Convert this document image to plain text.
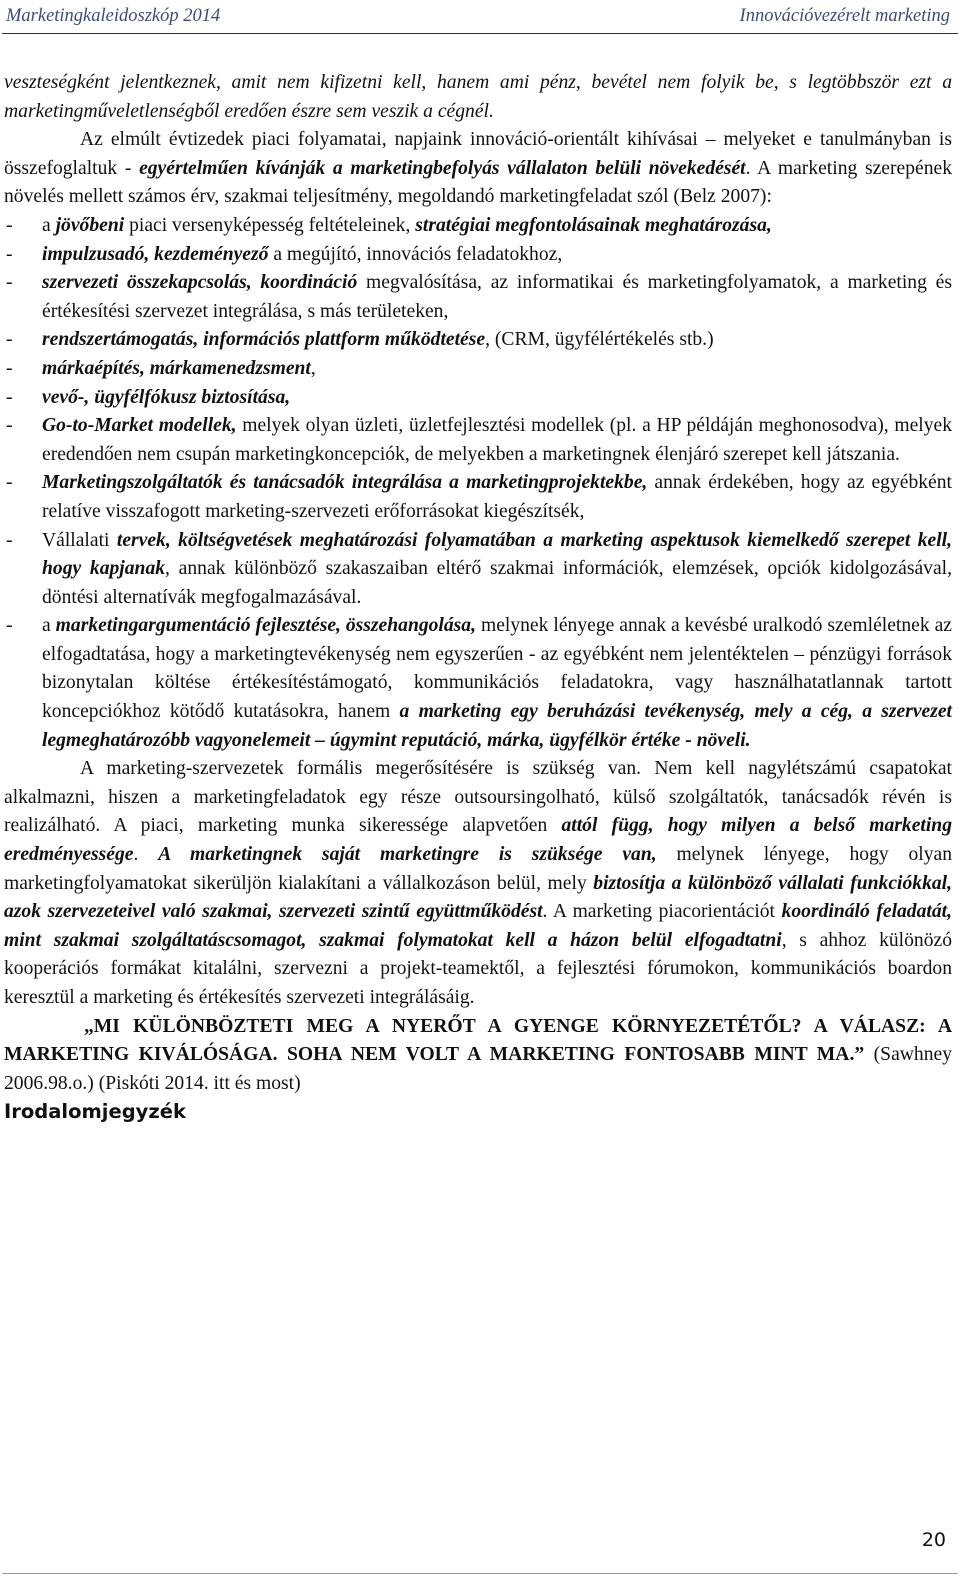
Marketingkaleidoszkóp 2014	Innovációvezérelt marketing

veszteségként jelentkeznek, amit nem kifizetni kell, hanem ami pénz, bevétel nem folyik be, s legtöbbször ezt a marketingműveletlenségből eredően észre sem veszik a cégnél.

Az elmúlt évtizedek piaci folyamatai, napjaink innováció-orientált kihívásai – melyeket e tanulmányban is összefoglaltuk - egyértelműen kívánják a marketingbefolyás vállalaton belüli növekedését. A marketing szerepének növelés mellett számos érv, szakmai teljesítmény, megoldandó marketingfeladat szól (Belz 2007):

- a jövőbeni piaci versenyképesség feltételeinek, stratégiai megfontolásainak meghatározása,
- impulzusadó, kezdeményező a megújító, innovációs feladatokhoz,
- szervezeti összekapcsolás, koordináció megvalósítása, az informatikai és marketingfolyamatok, a marketing és értékesítési szervezet integrálása, s más területeken,
- rendszertámogatás, információs plattform működtetése, (CRM, ügyfélértékelés stb.)
- márkaépítés, márkamenedzsment,
- vevő-, ügyfélfókusz biztosítása,
- Go-to-Market modellek, melyek olyan üzleti, üzletfejlesztési modellek (pl. a HP példáján meghonosodva), melyek eredendően nem csupán marketingkoncepciók, de melyekben a marketingnek élenjáró szerepet kell játszania.
- Marketingszolgáltatók és tanácsadók integrálása a marketingprojektekbe, annak érdekében, hogy az egyébként relatíve visszafogott marketing-szervezeti erőforrásokat kiegészítsék,
- Vállalati tervek, költségvetések meghatározási folyamatában a marketing aspektusok kiemelkedő szerepet kell, hogy kapjanak, annak különböző szakaszaiban eltérő szakmai információk, elemzések, opciók kidolgozásával, döntési alternatívák megfogalmazásával.
- a marketingargumentáció fejlesztése, összehangolása, melynek lényege annak a kevésbé uralkodó szemléletnek az elfogadtatása, hogy a marketingtevékenység nem egyszerűen - az egyébként nem jelentéktelen – pénzügyi források bizonytalan költése értékesítéstámogató, kommunikációs feladatokra, vagy használhatatlannak tartott koncepciókhoz kötődő kutatásokra, hanem a marketing egy beruházási tevékenység, mely a cég, a szervezet legmeghatározóbb vagyonelemeit – úgymint reputáció, márka, ügyfélkör értéke - növeli.

A marketing-szervezetek formális megerősítésére is szükség van. Nem kell nagylétszámú csapatokat alkalmazni, hiszen a marketingfeladatok egy része outsoursingolható, külső szolgáltatók, tanácsadók révén is realizálható. A piaci, marketing munka sikeressége alapvetően attól függ, hogy milyen a belső marketing eredményessége. A marketingnek saját marketingre is szüksége van, melynek lényege, hogy olyan marketingfolyamatokat sikerüljön kialakítani a vállalkozáson belül, mely biztosítja a különböző vállalati funkciókkal, azok szervezeteivel való szakmai, szervezeti szintű együttműködést. A marketing piacorientációt koordináló feladatát, mint szakmai szolgáltatáscsomagot, szakmai folymatokat kell a házon belül elfogadtatni, s ahhoz különözó kooperációs formákat kitalálni, szervezni a projekt-teamektől, a fejlesztési fórumokon, kommunikációs boardon keresztül a marketing és értékesítés szervezeti integrálásáig.

„MI KÜLÖNBÖZTETI MEG A NYERŐT A GYENGE KÖRNYEZETÉTŐL? A VÁLASZ: A MARKETING KIVÁLÓSÁGA. SOHA NEM VOLT A MARKETING FONTOSABB MINT MA.” (Sawhney 2006.98.o.) (Piskóti 2014. itt és most)

Irodalomjegyzék

20
